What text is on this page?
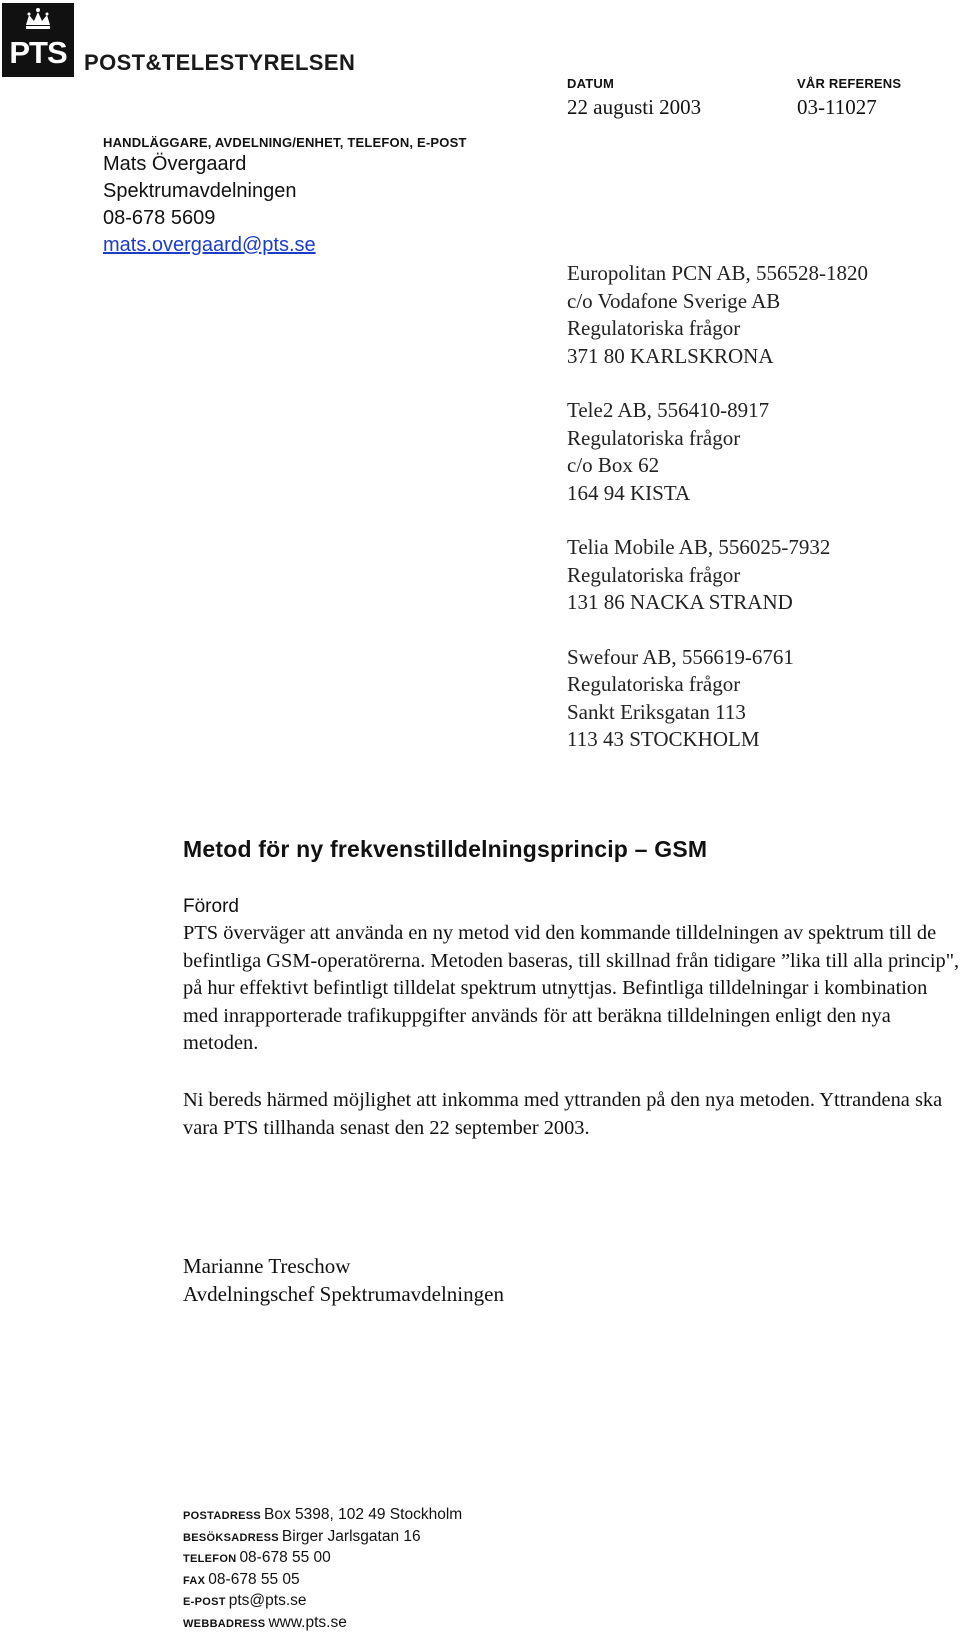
PTS POST&TELESTYRELSEN
HANDLÄGGARE, AVDELNING/ENHET, TELEFON, E-POST
Mats Övergaard
Spektrumavdelningen
08-678 5609
mats.overgaard@pts.se
DATUM	VÅR REFERENS
22 augusti 2003	03-11027
Europolitan PCN AB, 556528-1820
c/o Vodafone Sverige AB
Regulatoriska frågor
371 80 KARLSKRONA
Tele2 AB, 556410-8917
Regulatoriska frågor
c/o Box 62
164 94 KISTA
Telia Mobile AB, 556025-7932
Regulatoriska frågor
131 86 NACKA STRAND
Swefour AB, 556619-6761
Regulatoriska frågor
Sankt Eriksgatan 113
113 43 STOCKHOLM
Metod för ny frekvenstilldelningsprincip – GSM
Förord
PTS överväger att använda en ny metod vid den kommande tilldelningen av spektrum till de befintliga GSM-operatörerna. Metoden baseras, till skillnad från tidigare ”lika till alla princip", på hur effektivt befintligt tilldelat spektrum utnyttjas. Befintliga tilldelningar i kombination med inrapporterade trafikuppgifter används för att beräkna tilldelningen enligt den nya metoden.
Ni bereds härmed möjlighet att inkomma med yttranden på den nya metoden. Yttrandena ska vara PTS tillhanda senast den 22 september 2003.
Marianne Treschow
Avdelningschef Spektrumavdelningen
POSTADRESS Box 5398, 102 49 Stockholm
BESÖKSADRESS Birger Jarlsgatan 16
TELEFON 08-678 55 00
FAX 08-678 55 05
E-POST pts@pts.se
WEBBADRESS www.pts.se
